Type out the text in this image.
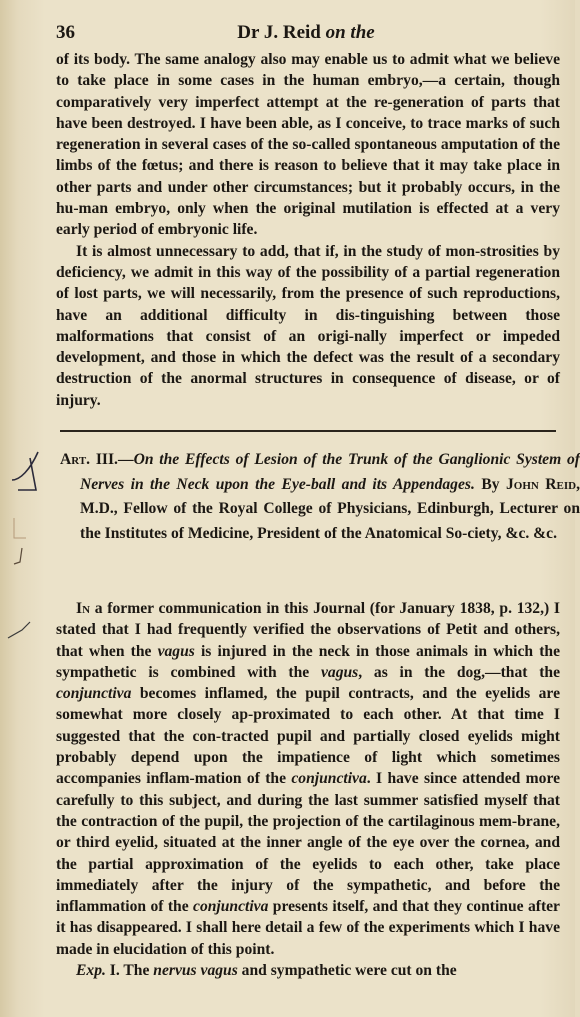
36	Dr J. Reid on the

of its body. The same analogy also may enable us to admit what we believe to take place in some cases in the human embryo,—a certain, though comparatively very imperfect attempt at the re-generation of parts that have been destroyed. I have been able, as I conceive, to trace marks of such regeneration in several cases of the so-called spontaneous amputation of the limbs of the fœtus; and there is reason to believe that it may take place in other parts and under other circumstances; but it probably occurs, in the hu-man embryo, only when the original mutilation is effected at a very early period of embryonic life.

It is almost unnecessary to add, that if, in the study of mon-strosities by deficiency, we admit in this way of the possibility of a partial regeneration of lost parts, we will necessarily, from the presence of such reproductions, have an additional difficulty in dis-tinguishing between those malformations that consist of an origi-nally imperfect or impeded development, and those in which the defect was the result of a secondary destruction of the anormal structures in consequence of disease, or of injury.

Art. III.—On the Effects of Lesion of the Trunk of the Ganglionic System of Nerves in the Neck upon the Eye-ball and its Appendages. By John Reid, M.D., Fellow of the Royal College of Physicians, Edinburgh, Lecturer on the Institutes of Medicine, President of the Anatomical So-ciety, &c. &c.

In a former communication in this Journal (for January 1838, p. 132,) I stated that I had frequently verified the observations of Petit and others, that when the vagus is injured in the neck in those animals in which the sympathetic is combined with the vagus, as in the dog,—that the conjunctiva becomes inflamed, the pupil contracts, and the eyelids are somewhat more closely ap-proximated to each other. At that time I suggested that the con-tracted pupil and partially closed eyelids might probably depend upon the impatience of light which sometimes accompanies inflam-mation of the conjunctiva. I have since attended more carefully to this subject, and during the last summer satisfied myself that the contraction of the pupil, the projection of the cartilaginous mem-brane, or third eyelid, situated at the inner angle of the eye over the cornea, and the partial approximation of the eyelids to each other, take place immediately after the injury of the sympathetic, and before the inflammation of the conjunctiva presents itself, and that they continue after it has disappeared. I shall here detail a few of the experiments which I have made in elucidation of this point.

Exp. I. The nervus vagus and sympathetic were cut on the
